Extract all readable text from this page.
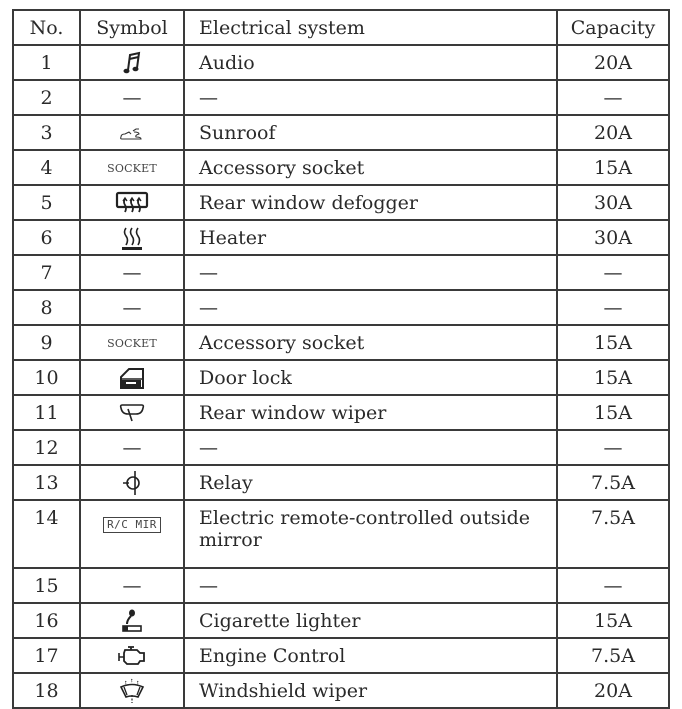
No.	Symbol	Electrical system	Capacity
1		Audio	20A
2	—	—	—
3		Sunroof	20A
4	SOCKET	Accessory socket	15A
5		Rear window defogger	30A
6		Heater	30A
7	—	—	—
8	—	—	—
9	SOCKET	Accessory socket	15A
10		Door lock	15A
11		Rear window wiper	15A
12	—	—	—
13		Relay	7.5A
14	R/C MIR	Electric remote-controlled outside mirror	7.5A
15	—	—	—
16		Cigarette lighter	15A
17		Engine Control	7.5A
18		Windshield wiper	20A
